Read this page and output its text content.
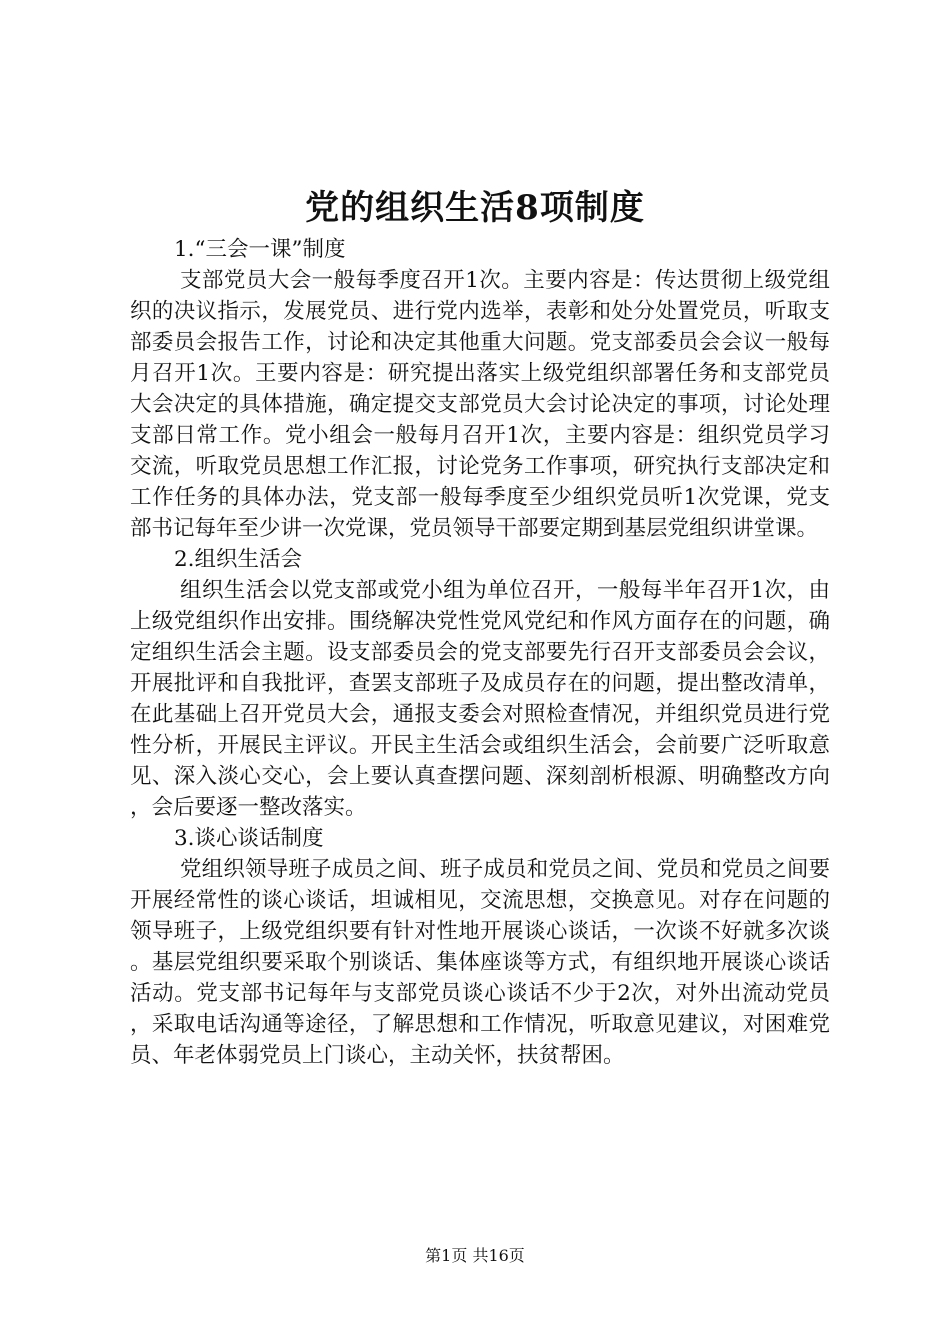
党的组织生活8项制度

1.“三会一课”制度

支部党员大会一般每季度召开1次。主要内容是：传达贯彻上级党组织的决议指示，发展党员、进行党内选举，表彰和处分处置党员，听取支部委员会报告工作，讨论和决定其他重大问题。党支部委员会会议一般每月召开1次。王要内容是：研究提出落实上级党组织部署任务和支部党员大会决定的具体措施，确定提交支部党员大会讨论决定的事项，讨论处理支部日常工作。党小组会一般每月召开1次，主要内容是：组织党员学习交流，听取党员思想工作汇报，讨论党务工作事项，研究执行支部决定和工作任务的具体办法，党支部一般每季度至少组织党员听1次党课，党支部书记每年至少讲一次党课，党员领导干部要定期到基层党组织讲堂课。

2.组织生活会

组织生活会以党支部或党小组为单位召开，一般每半年召开1次，由上级党组织作出安排。围绕解决党性党风党纪和作风方面存在的问题，确定组织生活会主题。设支部委员会的党支部要先行召开支部委员会会议，开展批评和自我批评，查罢支部班子及成员存在的问题，提出整改清单，在此基础上召开党员大会，通报支委会对照检查情况，并组织党员进行党性分析，开展民主评议。开民主生活会或组织生活会，会前要广泛听取意见、深入淡心交心，会上要认真查摆问题、深刻剖析根源、明确整改方向，会后要逐一整改落实。

3.谈心谈话制度

党组织领导班子成员之间、班子成员和党员之间、党员和党员之间要开展经常性的谈心谈话，坦诚相见，交流思想，交换意见。对存在问题的领导班子，上级党组织要有针对性地开展谈心谈话，一次谈不好就多次谈。基层党组织要采取个别谈话、集体座谈等方式，有组织地开展谈心谈话活动。党支部书记每年与支部党员谈心谈话不少于2次，对外出流动党员，采取电话沟通等途径，了解思想和工作情况，听取意见建议，对困难党员、年老体弱党员上门谈心，主动关怀，扶贫帮困。

第1页 共16页
